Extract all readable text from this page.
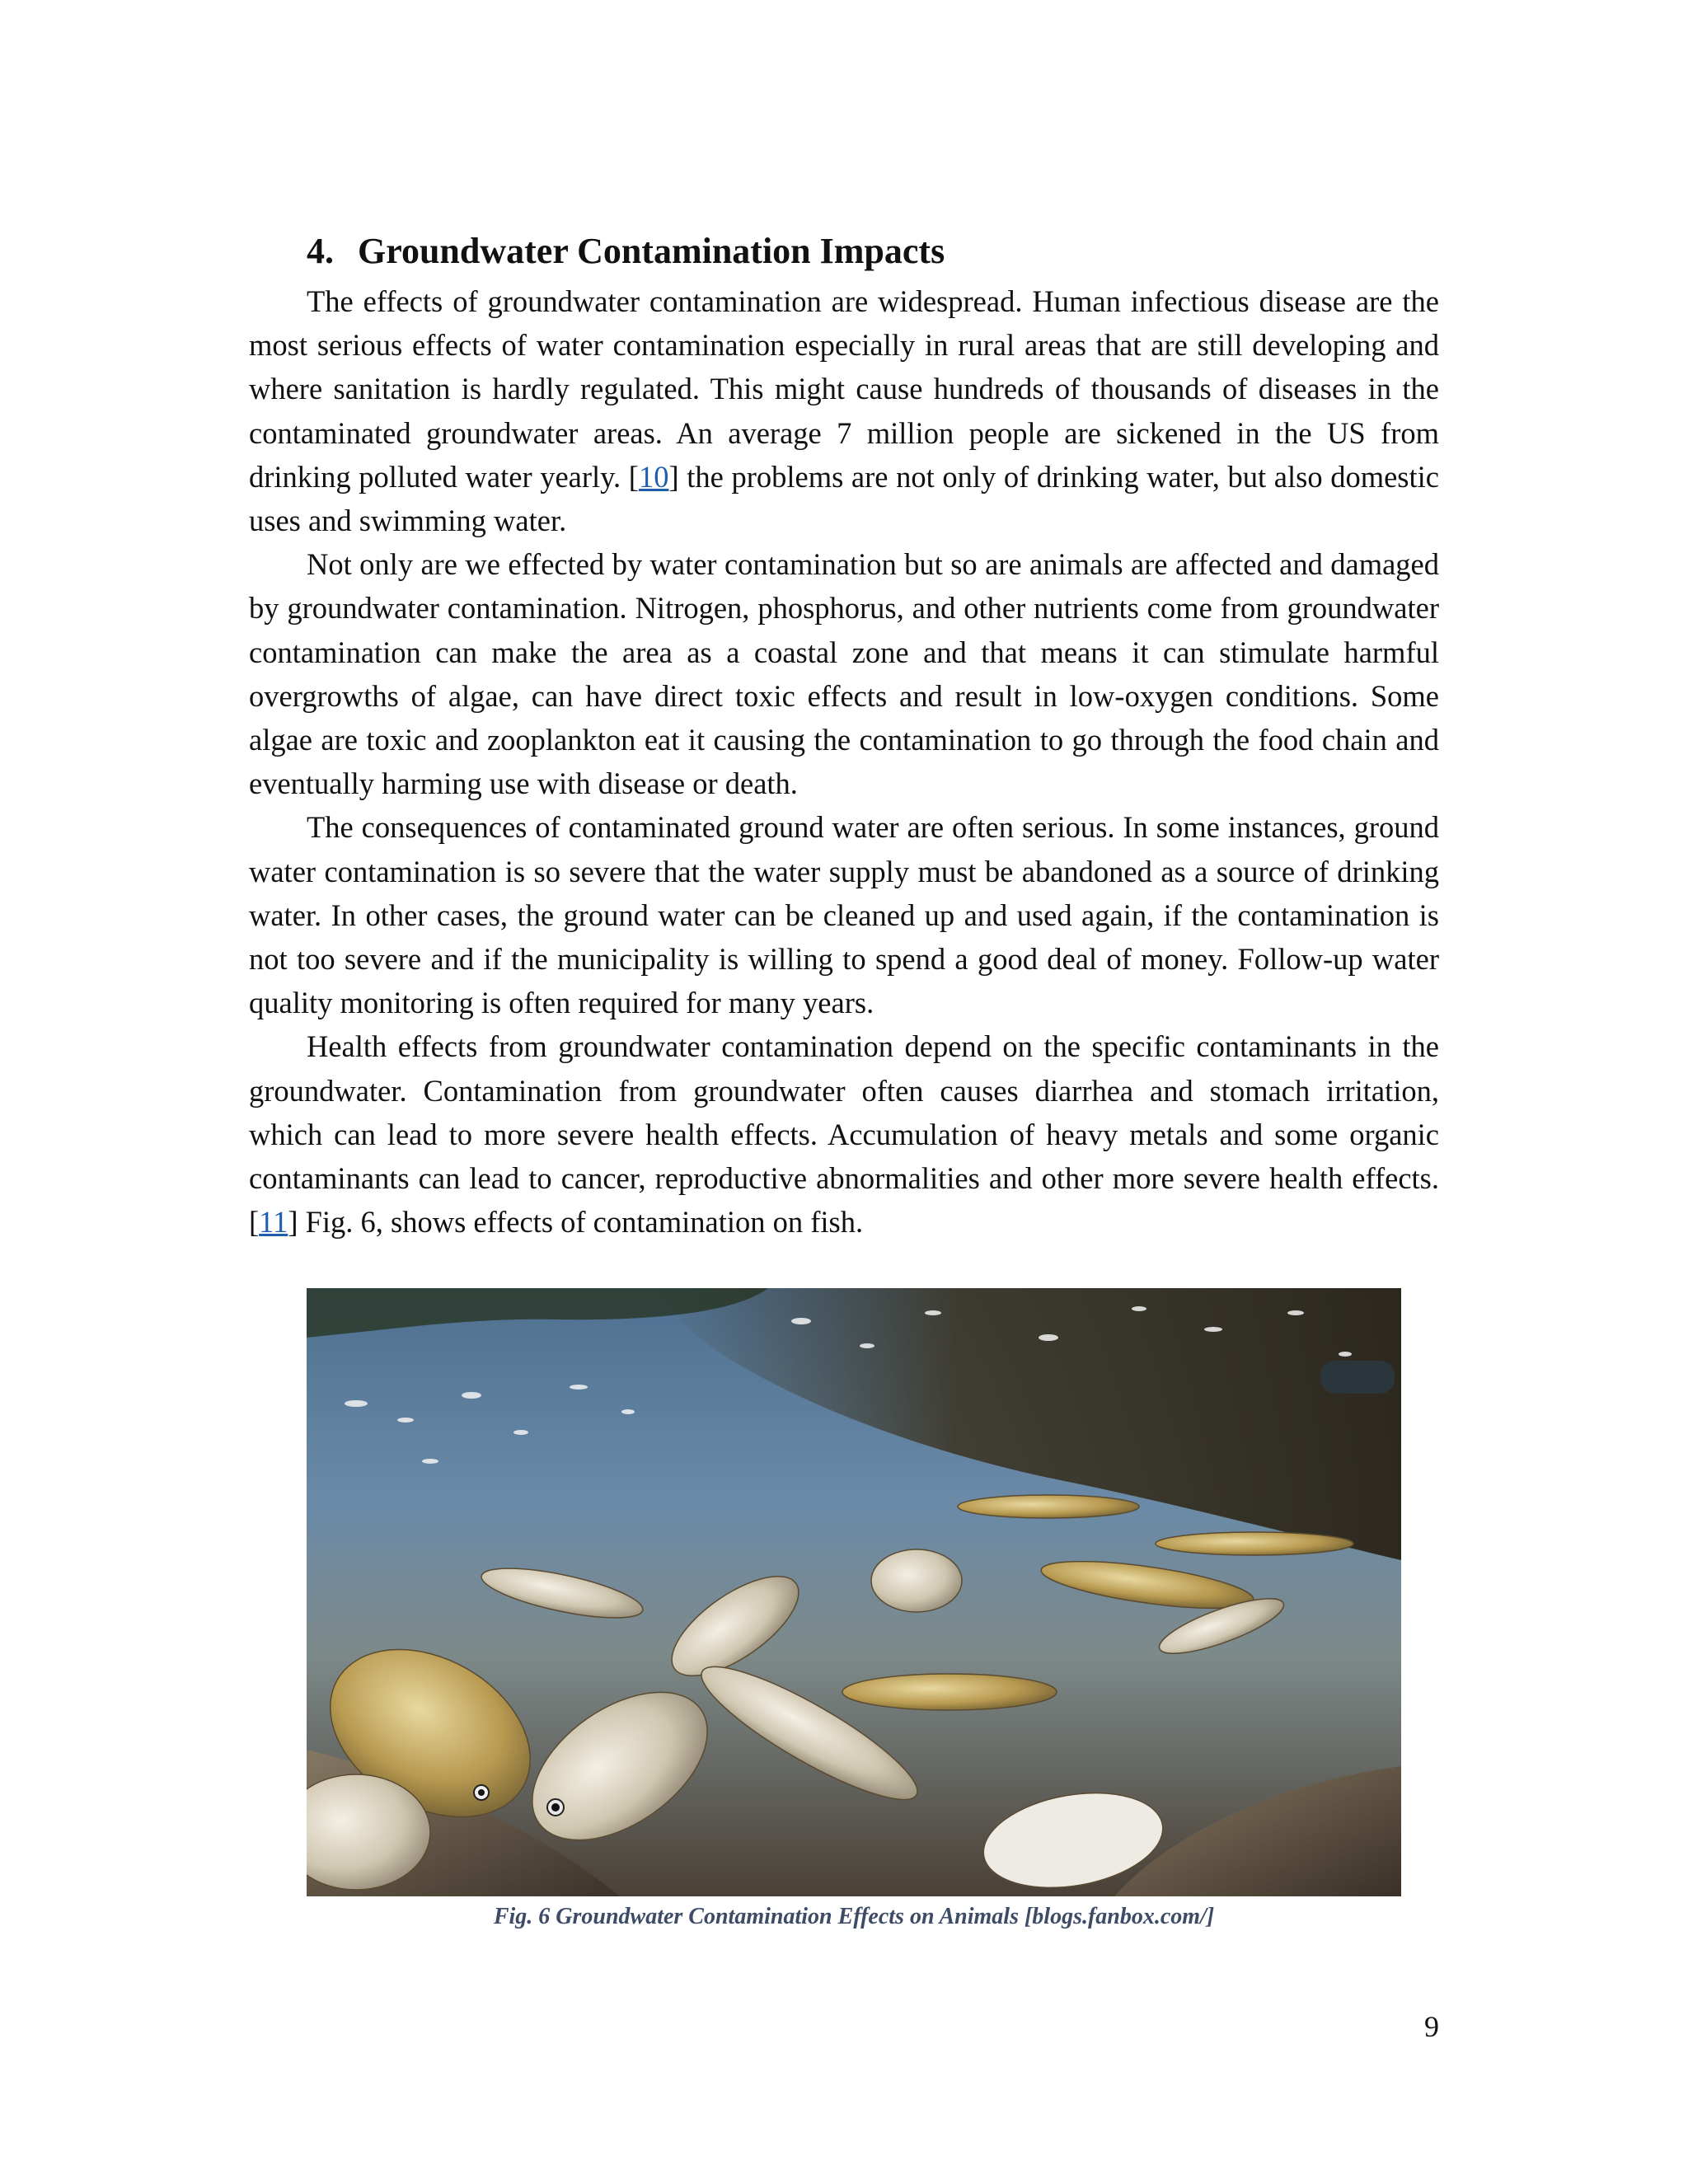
4. Groundwater Contamination Impacts

The effects of groundwater contamination are widespread. Human infectious disease are the most serious effects of water contamination especially in rural areas that are still developing and where sanitation is hardly regulated. This might cause hundreds of thousands of diseases in the contaminated groundwater areas. An average 7 million people are sickened in the US from drinking polluted water yearly. [10] the problems are not only of drinking water, but also domestic uses and swimming water.

Not only are we effected by water contamination but so are animals are affected and damaged by groundwater contamination. Nitrogen, phosphorus, and other nutrients come from groundwater contamination can make the area as a coastal zone and that means it can stimulate harmful overgrowths of algae, can have direct toxic effects and result in low-oxygen conditions. Some algae are toxic and zooplankton eat it causing the contamination to go through the food chain and eventually harming use with disease or death.

The consequences of contaminated ground water are often serious. In some instances, ground water contamination is so severe that the water supply must be abandoned as a source of drinking water. In other cases, the ground water can be cleaned up and used again, if the contamination is not too severe and if the municipality is willing to spend a good deal of money. Follow-up water quality monitoring is often required for many years.

Health effects from groundwater contamination depend on the specific contaminants in the groundwater. Contamination from groundwater often causes diarrhea and stomach irritation, which can lead to more severe health effects. Accumulation of heavy metals and some organic contaminants can lead to cancer, reproductive abnormalities and other more severe health effects. [11] Fig. 6, shows effects of contamination on fish.

Fig. 6 Groundwater Contamination Effects on Animals [blogs.fanbox.com/]
9
